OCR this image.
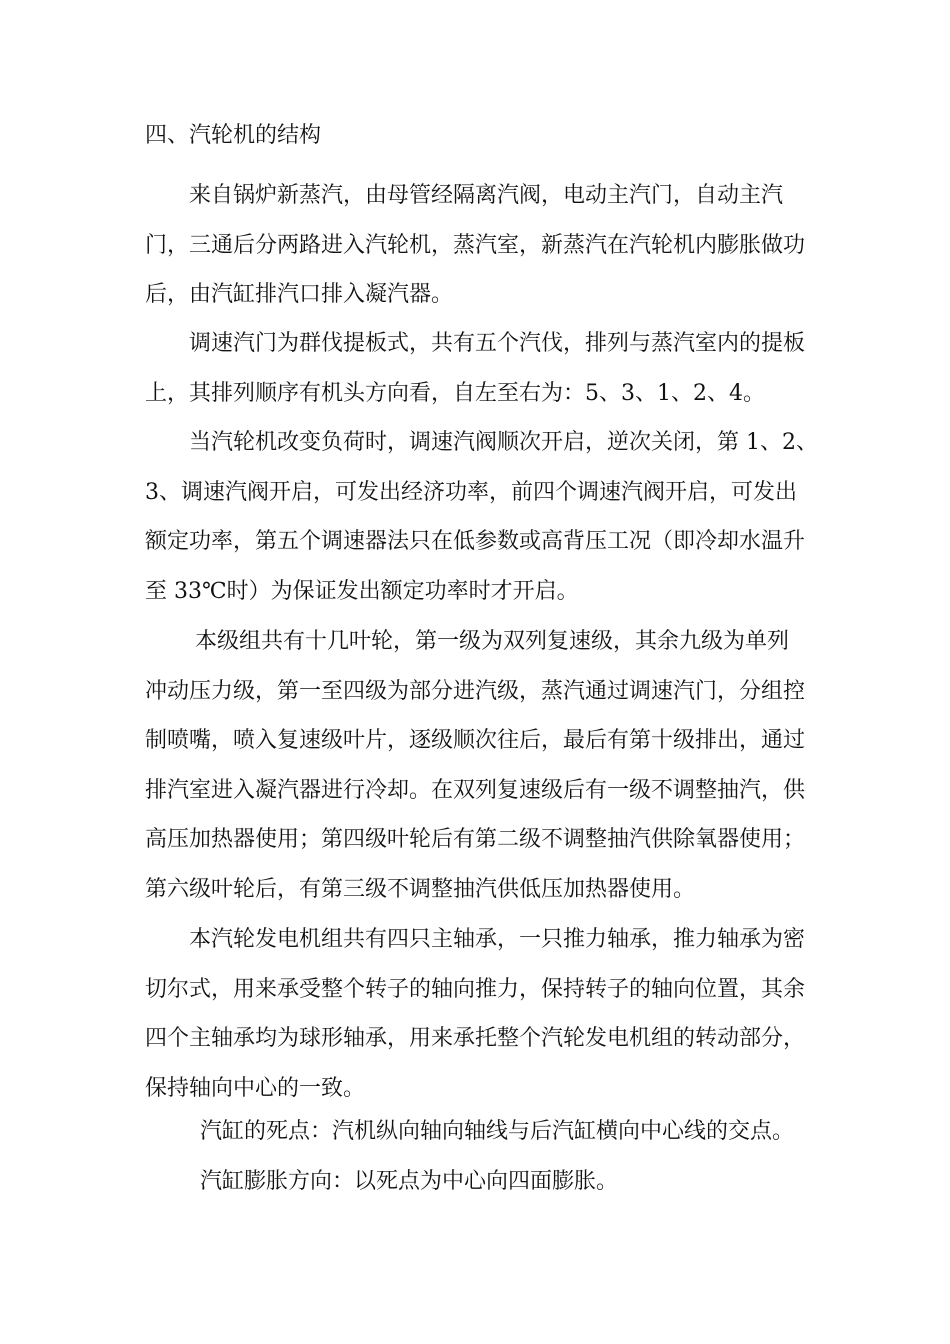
四、汽轮机的结构
来自锅炉新蒸汽，由母管经隔离汽阀，电动主汽门，自动主汽
门，三通后分两路进入汽轮机，蒸汽室，新蒸汽在汽轮机内膨胀做功
后，由汽缸排汽口排入凝汽器。
调速汽门为群伐提板式，共有五个汽伐，排列与蒸汽室内的提板
上，其排列顺序有机头方向看，自左至右为：5、3、1、2、4。
当汽轮机改变负荷时，调速汽阀顺次开启，逆次关闭，第 1、2、
3、调速汽阀开启，可发出经济功率，前四个调速汽阀开启，可发出
额定功率，第五个调速器法只在低参数或高背压工况（即冷却水温升
至 33℃时）为保证发出额定功率时才开启。
本级组共有十几叶轮，第一级为双列复速级，其余九级为单列
冲动压力级，第一至四级为部分进汽级，蒸汽通过调速汽门，分组控
制喷嘴，喷入复速级叶片，逐级顺次往后，最后有第十级排出，通过
排汽室进入凝汽器进行冷却。在双列复速级后有一级不调整抽汽，供
高压加热器使用；第四级叶轮后有第二级不调整抽汽供除氧器使用；
第六级叶轮后，有第三级不调整抽汽供低压加热器使用。
本汽轮发电机组共有四只主轴承，一只推力轴承，推力轴承为密
切尔式，用来承受整个转子的轴向推力，保持转子的轴向位置，其余
四个主轴承均为球形轴承，用来承托整个汽轮发电机组的转动部分，
保持轴向中心的一致。
汽缸的死点：汽机纵向轴向轴线与后汽缸横向中心线的交点。
汽缸膨胀方向：以死点为中心向四面膨胀。
